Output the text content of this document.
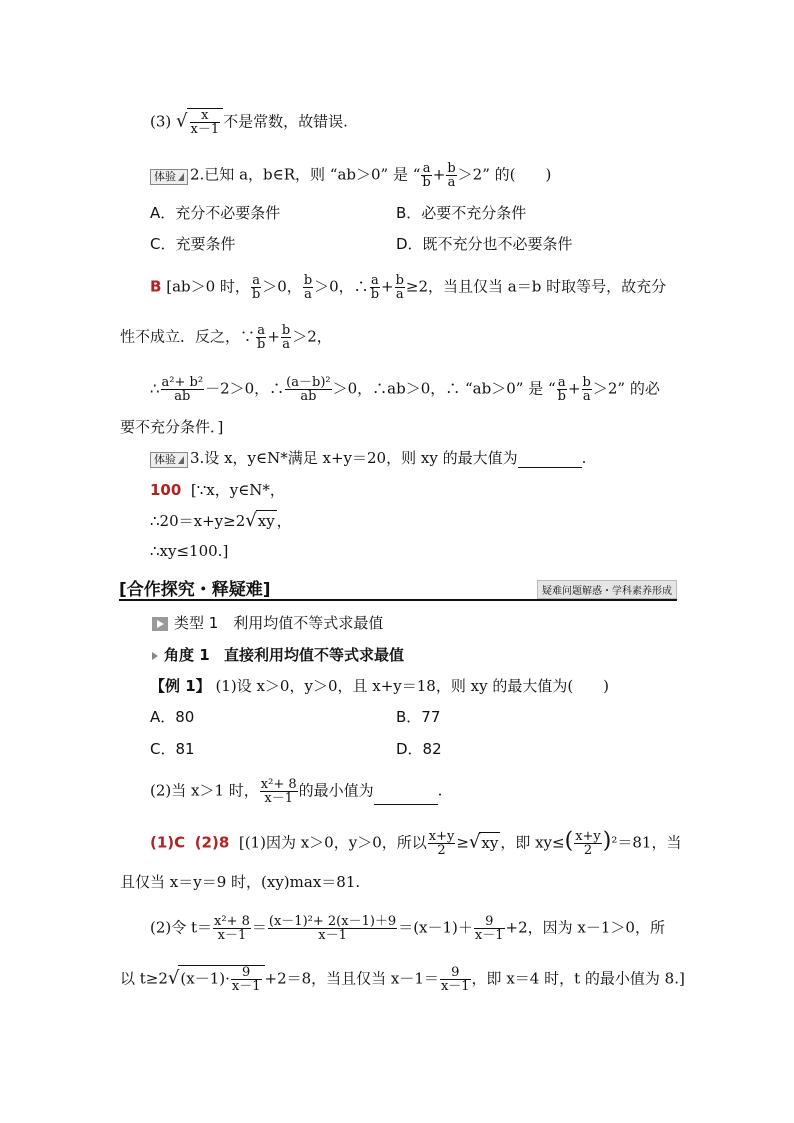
(3) √ $\frac{x}{x-1}$ 不是常数，故错误.
体验 2.已知 a，b∈R，则 “ab＞0” 是 “ $\frac{a}{b} + \frac{b}{a} >2$” 的(　　)
A．充分不必要条件	B．必要不充分条件
C．充要条件	D．既不充分也不必要条件
B [ab＞0 时， $\frac{a}{b} >0$， $\frac{b}{a} >0$，∴ $\frac{a}{b} + \frac{b}{a} \ge 2$，当且仅当 a＝b 时取等号，故充分
性不成立．反之，∵ $\frac{a}{b} + \frac{b}{a} >2$，
∴ $\frac{\text{a²+ b²}}{ab} -2>0$，∴ $\frac{\text{(a－b)²}}{ab} >0$，∴ab＞0，∴ “ab＞0” 是 “ $\frac{a}{b} + \frac{b}{a} >2$” 的必
要不充分条件．]
体验 3.设 x，y∈N*满足 x+y＝20，则 xy 的最大值为	.
100 [∵x，y∈N*，
∴20＝x+y≥2√xy ，
∴xy≤100.]
[合作探究・释疑难]	疑难问题解惑・学科素养形成
类型 1　利用均值不等式求最值
角度 1 直接利用均值不等式求最值
【例 1】 (1)设 x＞0，y＞0，且 x+y＝18，则 xy 的最大值为(　　)
A．80	B．77
C．81	D．82
(2)当 x＞1 时， $\frac{\text{x²+ 8}}{x-1}$ 的最小值为	.
(1)C (2)8 [(1)因为 x＞0，y＞0，所以 $\frac{x+y}{2} \ge√xy$ ，即 $xy\le( \frac{x+y}{2} )^2=81$，当
且仅当 x＝y＝9 时，(xy)max＝81.
(2)令 $t= \frac{\text{x²+ 8}}{x-1} = \frac{\text{(x－1)²+ 2(x－1)＋9}}{x-1} =(x-1)+ \frac{9}{x-1} +2$，因为 x－1＞0，所
以 $t\ge 2√(x-1)\cdot \frac{9}{x-1} +2=8$，当且仅当 $x-1= \frac{9}{x-1}$ ，即 x＝4 时，t 的最小值为 8.]
